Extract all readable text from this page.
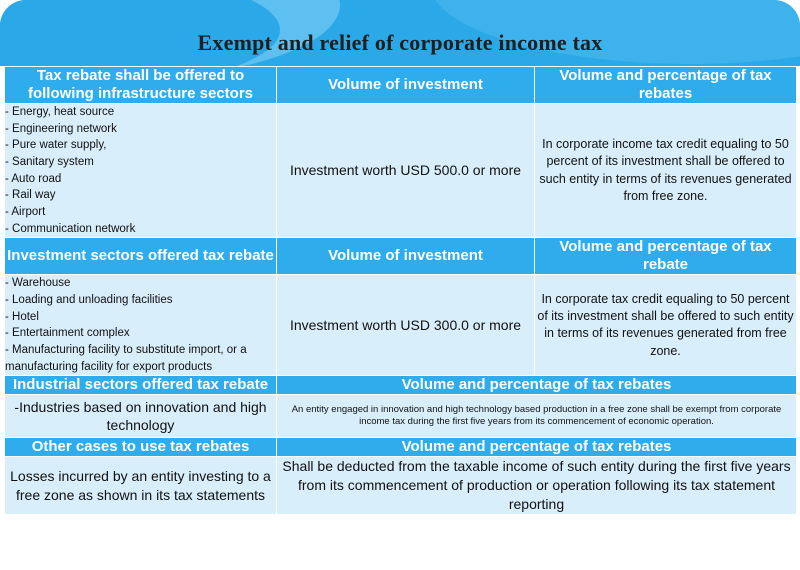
Exempt and relief of corporate income tax
Tax rebate shall be offered to following infrastructure sectors	Volume of investment	Volume and percentage of tax rebates

- Energy, heat source
- Engineering network
- Pure water supply,
- Sanitary system
- Auto road
- Rail way
- Airport
- Communication network
	Investment worth USD 500.0 or more	In corporate income tax credit equaling to 50 percent of its investment shall be offered to such entity in terms of its revenues generated from free zone.
Investment sectors offered tax rebate	Volume of investment	Volume and percentage of tax rebate

- Warehouse
- Loading and unloading facilities
- Hotel
- Entertainment complex
- Manufacturing facility to substitute import, or a manufacturing facility for export products
	Investment worth USD 300.0 or more	In corporate tax credit equaling to 50 percent of its investment shall be offered to such entity in terms of its revenues generated from free zone.
Industrial sectors offered tax rebate	Volume and percentage of tax rebates	
-Industries based on innovation and high technology	An entity engaged in innovation and high technology based production in a free zone shall be exempt from corporate income tax during the first five years from its commencement of economic operation.	
Other cases to use tax rebates	Volume and percentage of tax rebates	
Losses incurred by an entity investing to a free zone as shown in its tax statements	Shall be deducted from the taxable income of such entity during the first five years from its commencement of production or operation following its tax statement reporting	
